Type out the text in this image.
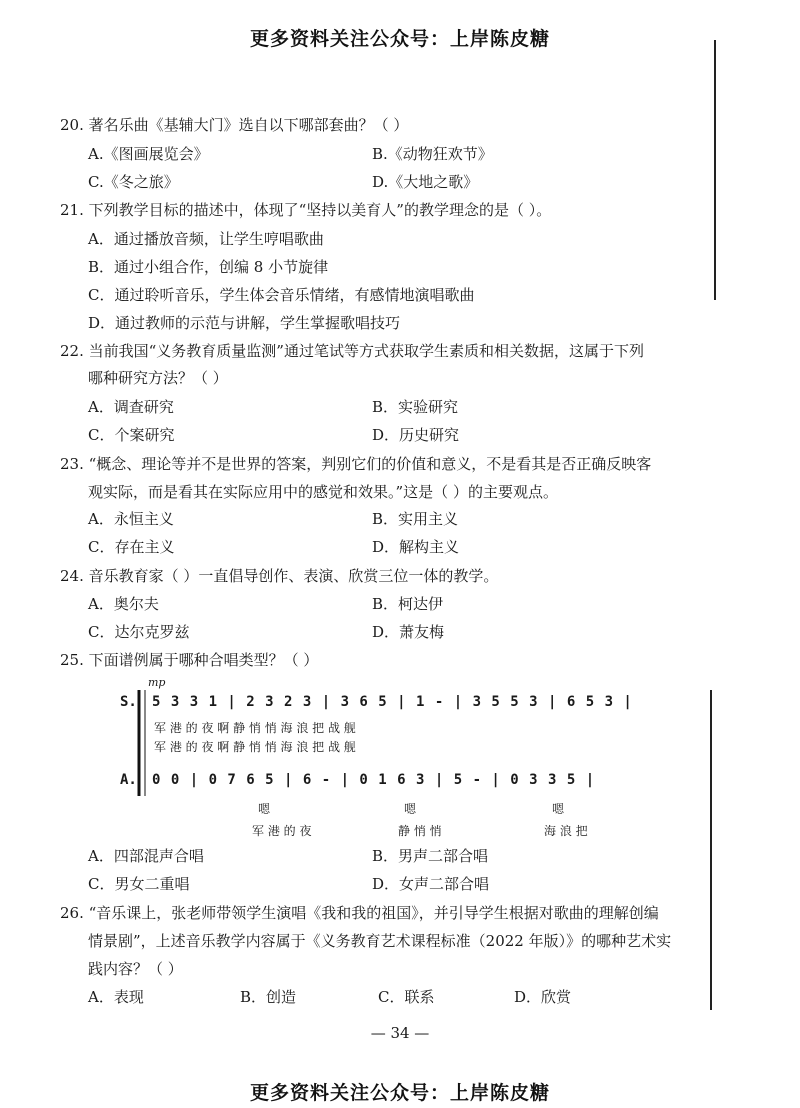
更多资料关注公众号：上岸陈皮糖
更多资料关注公众号：上岸陈皮糖
20. 著名乐曲《基辅大门》选自以下哪部套曲？（ ）
A.《图画展览会》	B.《动物狂欢节》
C.《冬之旅》	D.《大地之歌》
21. 下列教学目标的描述中，体现了“坚持以美育人”的教学理念的是（ ）。
A．通过播放音频，让学生哼唱歌曲
B．通过小组合作，创编 8 小节旋律
C．通过聆听音乐，学生体会音乐情绪，有感情地演唱歌曲
D．通过教师的示范与讲解，学生掌握歌唱技巧
22. 当前我国“义务教育质量监测”通过笔试等方式获取学生素质和相关数据，这属于下列
哪种研究方法？（ ）
A．调查研究	B．实验研究
C．个案研究	D．历史研究
23. “概念、理论等并不是世界的答案，判别它们的价值和意义，不是看其是否正确反映客
观实际，而是看其在实际应用中的感觉和效果。”这是（ ）的主要观点。
A．永恒主义	B．实用主义
C．存在主义	D．解构主义
24. 音乐教育家（ ）一直倡导创作、表演、欣赏三位一体的教学。
A．奥尔夫	B．柯达伊
C．达尔克罗兹	D．萧友梅
25. 下面谱例属于哪种合唱类型？（ ）
mp
S. 5 3 3 1 | 2 3 2 3 | 3 6 5 | 1 - | 3 5 5 3 | 6 5 3 |
军 港 的 夜 啊 静 悄 悄 海 浪 把 战 舰
军 港 的 夜 啊 静 悄 悄 海 浪 把 战 舰
A. 0 0 | 0 7 6 5 | 6 - | 0 1 6 3 | 5 - | 0 3 3 5 |
嗯	嗯	嗯
军 港 的 夜	静 悄 悄	海 浪 把
A．四部混声合唱	B．男声二部合唱
C．男女二重唱	D．女声二部合唱
26. “音乐课上，张老师带领学生演唱《我和我的祖国》，并引导学生根据对歌曲的理解创编
情景剧”，上述音乐教学内容属于《义务教育艺术课程标准（2022 年版）》的哪种艺术实
践内容？（ ）
A．表现	B．创造	C．联系	D．欣赏
— 34 —
